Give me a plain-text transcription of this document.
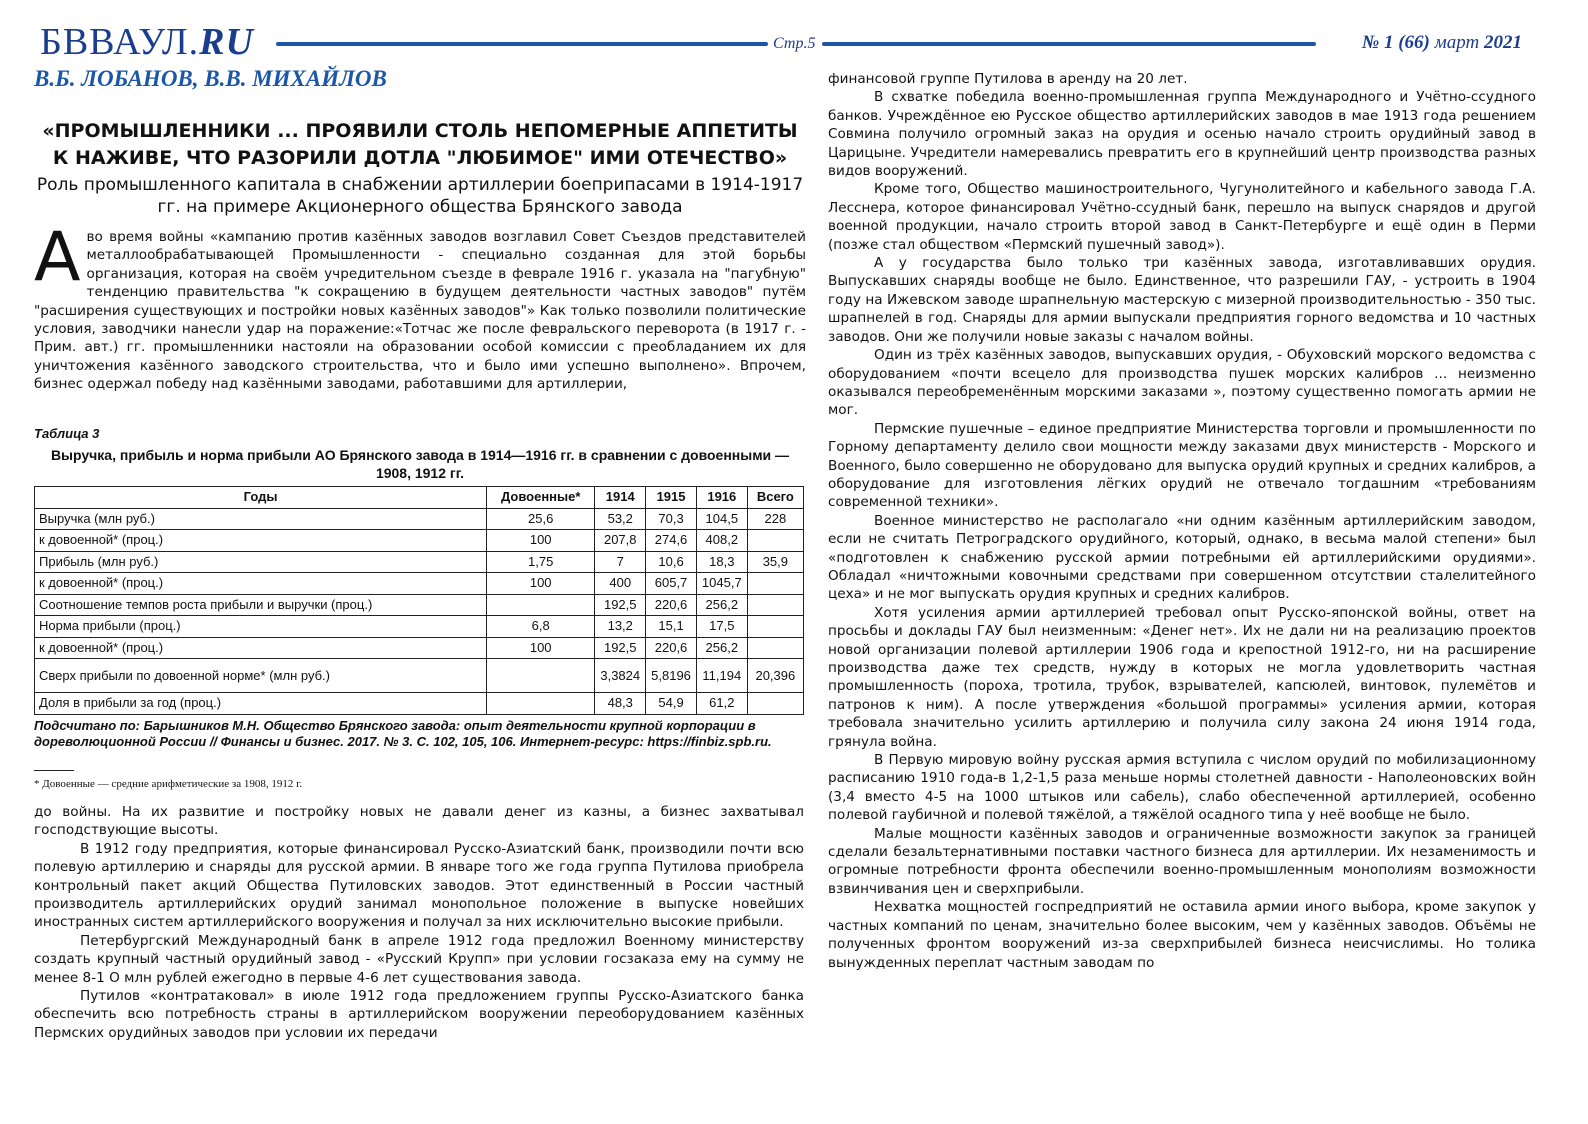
БВВАУЛ.RU	Стр.5	№ 1 (66) март 2021
В.Б. ЛОБАНОВ, В.В. МИХАЙЛОВ
«ПРОМЫШЛЕННИКИ ... ПРОЯВИЛИ СТОЛЬ НЕПОМЕРНЫЕ АППЕТИТЫ К НАЖИВЕ, ЧТО РАЗОРИЛИ ДОТЛА "ЛЮБИМОЕ" ИМИ ОТЕЧЕСТВО»
Роль промышленного капитала в снабжении артиллерии боеприпасами в 1914-1917 гг. на примере Акционерного общества Брянского завода

Аво время войны «кампанию против казённых заводов возглавил Совет Съездов представителей металлообрабатывающей Промышленности - специально созданная для этой борьбы организация, которая на своём учредительном съезде в феврале 1916 г. указала на "пагубную" тенденцию правительства "к сокращению в будущем деятельности частных заводов" путём "расширения существующих и постройки новых казённых заводов"» Как только позволили политические условия, заводчики нанесли удар на поражение:«Тотчас же после февральского переворота (в 1917 г. - Прим. авт.) гг. промышленники настояли на образовании особой комиссии с преобладанием их для уничтожения казённого заводского строительства, что и было ими успешно выполнено». Впрочем, бизнес одержал победу над казёнными заводами, работавшими для артиллерии,

Таблица 3
Выручка, прибыль и норма прибыли АО Брянского завода в 1914—1916 гг. в сравнении с довоенными — 1908, 1912 гг.
Годы	Довоенные*	1914	1915	1916	Всего
Выручка (млн руб.)	25,6	53,2	70,3	104,5	228
к довоенной* (проц.)	100	207,8	274,6	408,2	
Прибыль (млн руб.)	1,75	7	10,6	18,3	35,9
к довоенной* (проц.)	100	400	605,7	1045,7	
Соотношение темпов роста прибыли и выручки (проц.)		192,5	220,6	256,2	
Норма прибыли (проц.)	6,8	13,2	15,1	17,5	
к довоенной* (проц.)	100	192,5	220,6	256,2	
Сверх прибыли по довоенной норме* (млн руб.)		3,3824	5,8196	11,194	20,396
Доля в прибыли за год (проц.)		48,3	54,9	61,2	
Подсчитано по: Барышников М.Н. Общество Брянского завода: опыт деятельности крупной корпорации в дореволюционной России // Финансы и бизнес. 2017. № 3. С. 102, 105, 106. Интернет-ресурс: https://finbiz.spb.ru.
* Довоенные — средние арифметические за 1908, 1912 г.

до войны. На их развитие и постройку новых не давали денег из казны, а бизнес захватывал господствующие высоты.

В 1912 году предприятия, которые финансировал Русско-Азиатский банк, производили почти всю полевую артиллерию и снаряды для русской армии. В январе того же года группа Путилова приобрела контрольный пакет акций Общества Путиловских заводов. Этот единственный в России частный производитель артиллерийских орудий занимал монопольное положение в выпуске новейших иностранных систем артиллерийского вооружения и получал за них исключительно высокие прибыли.

Петербургский Международный банк в апреле 1912 года предложил Военному министерству создать крупный частный орудийный завод - «Русский Крупп» при условии госзаказа ему на сумму не менее 8-1 О млн рублей ежегодно в первые 4-6 лет существования завода.

Путилов «контратаковал» в июле 1912 года предложением группы Русско-Азиатского банка обеспечить всю потребность страны в артиллерийском вооружении переоборудованием казённых Пермских орудийных заводов при условии их передачи

финансовой группе Путилова в аренду на 20 лет.

В схватке победила военно-промышленная группа Международного и Учётно-ссудного банков. Учреждённое ею Русское общество артиллерийских заводов в мае 1913 года решением Совмина получило огромный заказ на орудия и осенью начало строить орудийный завод в Царицыне. Учредители намеревались превратить его в крупнейший центр производства разных видов вооружений.

Кроме того, Общество машиностроительного, Чугунолитейного и кабельного завода Г.А. Лесснера, которое финансировал Учётно-ссудный банк, перешло на выпуск снарядов и другой военной продукции, начало строить второй завод в Санкт-Петербурге и ещё один в Перми (позже стал обществом «Пермский пушечный завод»).

А у государства было только три казённых завода, изготавливавших орудия. Выпускавших снаряды вообще не было. Единственное, что разрешили ГАУ, - устроить в 1904 году на Ижевском заводе шрапнельную мастерскую с мизерной производительностью - 350 тыс. шрапнелей в год. Снаряды для армии выпускали предприятия горного ведомства и 10 частных заводов. Они же получили новые заказы с началом войны.

Один из трёх казённых заводов, выпускавших орудия, - Обуховский морского ведомства с оборудованием «почти всецело для производства пушек морских калибров ... неизменно оказывался переобременённым морскими заказами », поэтому существенно помогать армии не мог.

Пермские пушечные – единое предприятие Министерства торговли и промышленности по Горному департаменту делило свои мощности между заказами двух министерств - Морского и Военного, было совершенно не оборудовано для выпуска орудий крупных и средних калибров, а оборудование для изготовления лёгких орудий не отвечало тогдашним «требованиям современной техники».

Военное министерство не располагало «ни одним казённым артиллерийским заводом, если не считать Петроградского орудийного, который, однако, в весьма малой степени» был «подготовлен к снабжению русской армии потребными ей артиллерийскими орудиями». Обладал «ничтожными ковочными средствами при совершенном отсутствии сталелитейного цеха» и не мог выпускать орудия крупных и средних калибров.

Хотя усиления армии артиллерией требовал опыт Русско-японской войны, ответ на просьбы и доклады ГАУ был неизменным: «Денег нет». Их не дали ни на реализацию проектов новой организации полевой артиллерии 1906 года и крепостной 1912-го, ни на расширение производства даже тех средств, нужду в которых не могла удовлетворить частная промышленность (пороха, тротила, трубок, взрывателей, капсюлей, винтовок, пулемётов и патронов к ним). А после утверждения «большой программы» усиления армии, которая требовала значительно усилить артиллерию и получила силу закона 24 июня 1914 года, грянула война.

В Первую мировую войну русская армия вступила с числом орудий по мобилизационному расписанию 1910 года-в 1,2-1,5 раза меньше нормы столетней давности - Наполеоновских войн (3,4 вместо 4-5 на 1000 штыков или сабель), слабо обеспеченной артиллерией, особенно полевой гаубичной и полевой тяжёлой, а тяжёлой осадного типа у неё вообще не было.

Малые мощности казённых заводов и ограниченные возможности закупок за границей сделали безальтернативными поставки частного бизнеса для артиллерии. Их незаменимость и огромные потребности фронта обеспечили военно-промышленным монополиям возможности взвинчивания цен и сверхприбыли.

Нехватка мощностей госпредприятий не оставила армии иного выбора, кроме закупок у частных компаний по ценам, значительно более высоким, чем у казённых заводов. Объёмы не полученных фронтом вооружений из-за сверхприбылей бизнеса неисчислимы. Но толика вынужденных переплат частным заводам по
